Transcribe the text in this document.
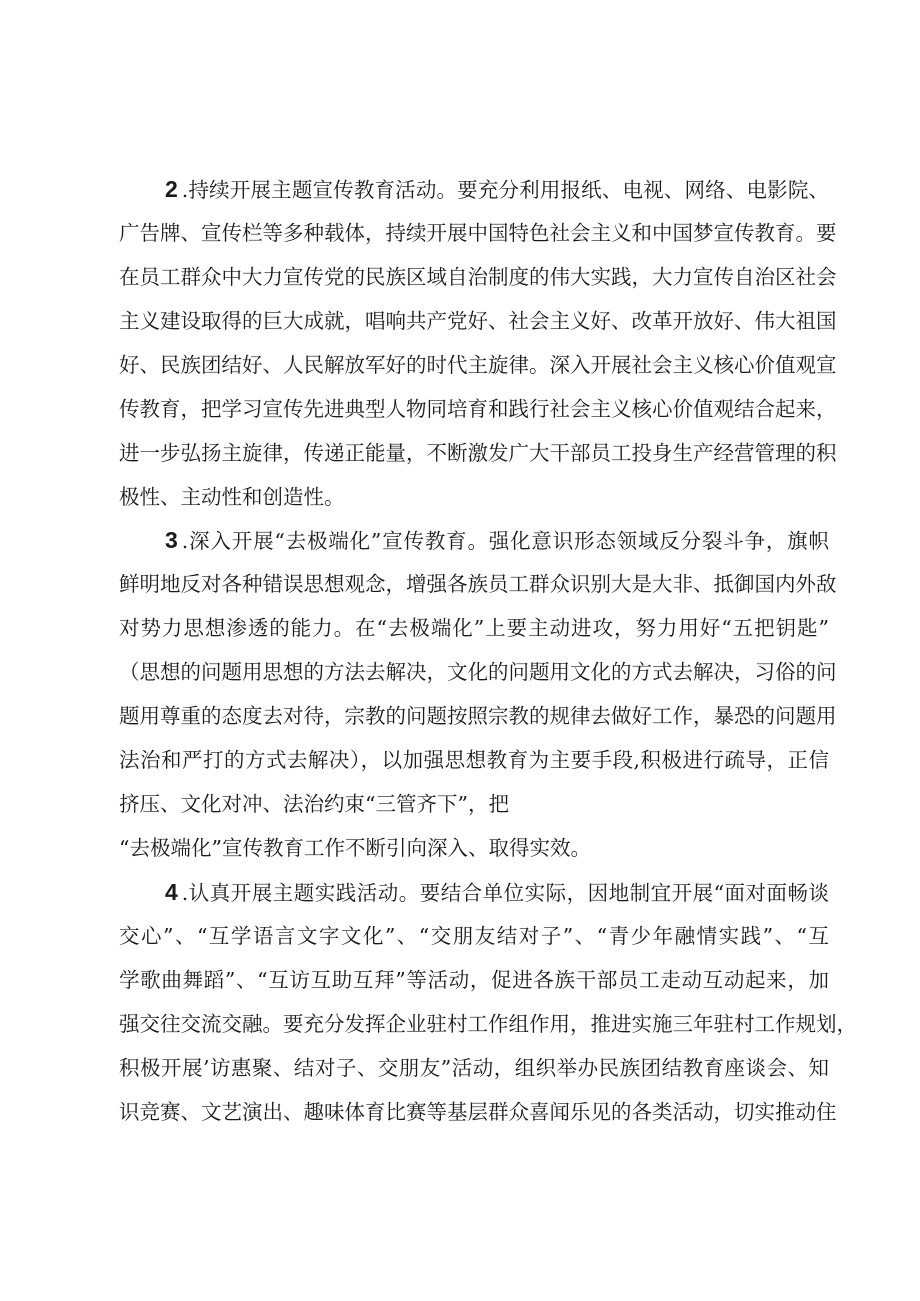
2 .持续开展主题宣传教育活动。要充分利用报纸、电视、网络、电影院、
广告牌、宣传栏等多种载体，持续开展中国特色社会主义和中国梦宣传教育。要
在员工群众中大力宣传党的民族区域自治制度的伟大实践，大力宣传自治区社会
主义建设取得的巨大成就，唱响共产党好、社会主义好、改革开放好、伟大祖国
好、民族团结好、人民解放军好的时代主旋律。深入开展社会主义核心价值观宣
传教育，把学习宣传先进典型人物同培育和践行社会主义核心价值观结合起来，
进一步弘扬主旋律，传递正能量，不断激发广大干部员工投身生产经营管理的积
极性、主动性和创造性。
3 .深入开展“去极端化”宣传教育。强化意识形态领域反分裂斗争，旗帜
鲜明地反对各种错误思想观念，增强各族员工群众识别大是大非、抵御国内外敌
对势力思想渗透的能力。在“去极端化”上要主动进攻，努力用好“五把钥匙”
（思想的问题用思想的方法去解决，文化的问题用文化的方式去解决，习俗的问
题用尊重的态度去对待，宗教的问题按照宗教的规律去做好工作，暴恐的问题用
法治和严打的方式去解决），以加强思想教育为主要手段,积极进行疏导，正信
挤压、文化对冲、法治约束“三管齐下”，把
“去极端化”宣传教育工作不断引向深入、取得实效。
4 .认真开展主题实践活动。要结合单位实际，因地制宜开展“面对面畅谈
交心”、“互学语言文字文化”、“交朋友结对子”、“青少年融情实践”、“互
学歌曲舞蹈”、“互访互助互拜”等活动，促进各族干部员工走动互动起来，加
强交往交流交融。要充分发挥企业驻村工作组作用，推进实施三年驻村工作规划，
积极开展’访惠聚、结对子、交朋友”活动，组织举办民族团结教育座谈会、知
识竞赛、文艺演出、趣味体育比赛等基层群众喜闻乐见的各类活动，切实推动住
